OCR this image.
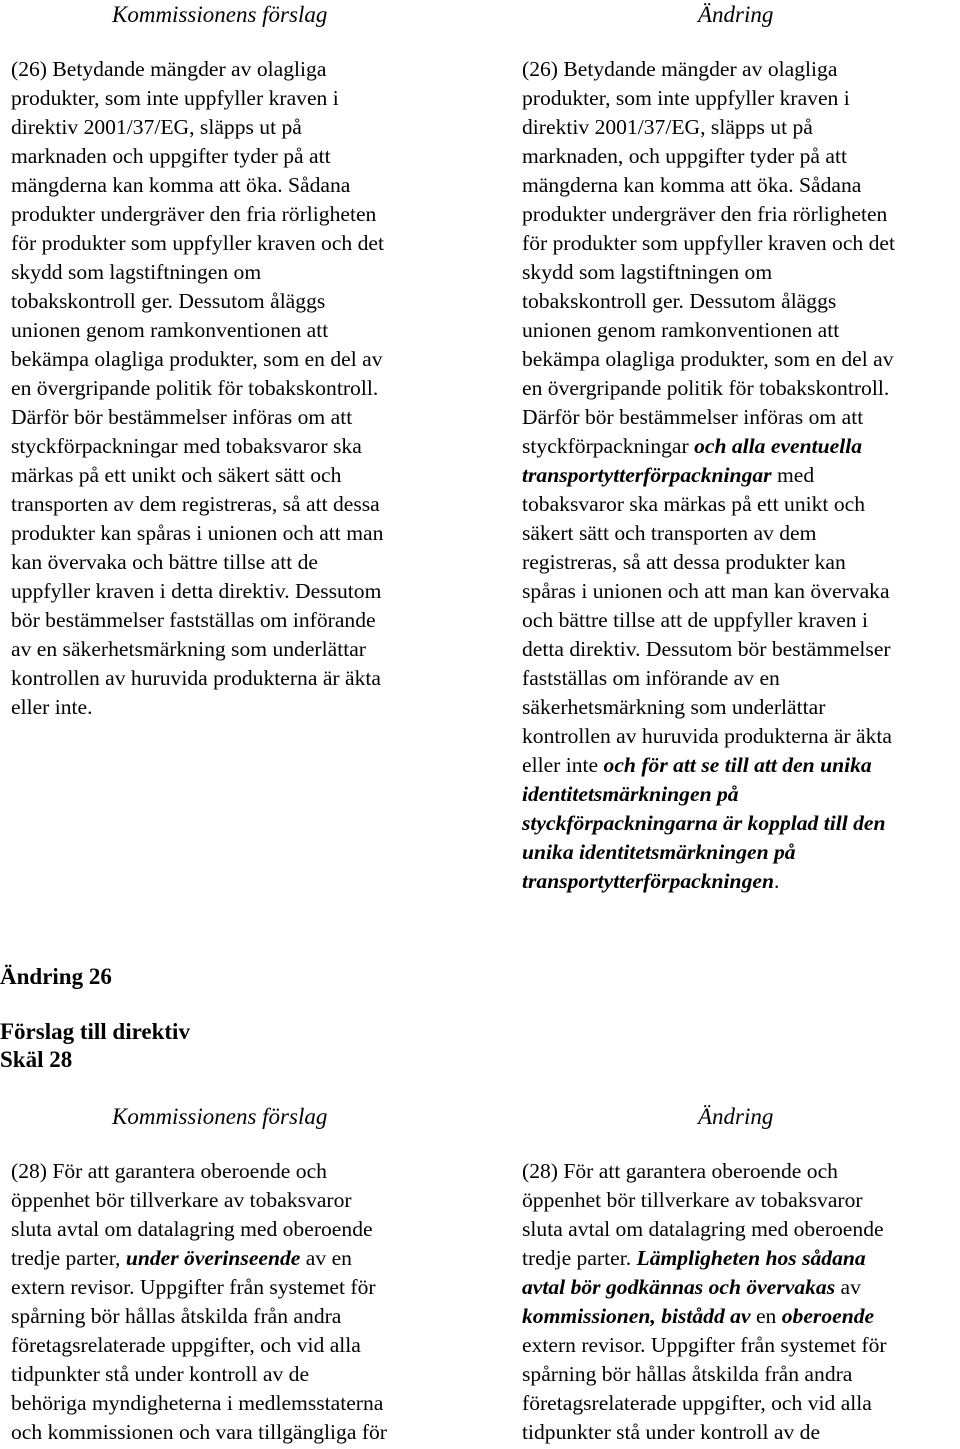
Kommissionens förslag	Ändring
(26) Betydande mängder av olagliga
produkter, som inte uppfyller kraven i
direktiv 2001/37/EG, släpps ut på
marknaden och uppgifter tyder på att
mängderna kan komma att öka. Sådana
produkter undergräver den fria rörligheten
för produkter som uppfyller kraven och det
skydd som lagstiftningen om
tobakskontroll ger. Dessutom åläggs
unionen genom ramkonventionen att
bekämpa olagliga produkter, som en del av
en övergripande politik för tobakskontroll.
Därför bör bestämmelser införas om att
styckförpackningar med tobaksvaror ska
märkas på ett unikt och säkert sätt och
transporten av dem registreras, så att dessa
produkter kan spåras i unionen och att man
kan övervaka och bättre tillse att de
uppfyller kraven i detta direktiv. Dessutom
bör bestämmelser fastställas om införande
av en säkerhetsmärkning som underlättar
kontrollen av huruvida produkterna är äkta
eller inte.
(26) Betydande mängder av olagliga
produkter, som inte uppfyller kraven i
direktiv 2001/37/EG, släpps ut på
marknaden, och uppgifter tyder på att
mängderna kan komma att öka. Sådana
produkter undergräver den fria rörligheten
för produkter som uppfyller kraven och det
skydd som lagstiftningen om
tobakskontroll ger. Dessutom åläggs
unionen genom ramkonventionen att
bekämpa olagliga produkter, som en del av
en övergripande politik för tobakskontroll.
Därför bör bestämmelser införas om att
styckförpackningar och alla eventuella
transportytterförpackningar med
tobaksvaror ska märkas på ett unikt och
säkert sätt och transporten av dem
registreras, så att dessa produkter kan
spåras i unionen och att man kan övervaka
och bättre tillse att de uppfyller kraven i
detta direktiv. Dessutom bör bestämmelser
fastställas om införande av en
säkerhetsmärkning som underlättar
kontrollen av huruvida produkterna är äkta
eller inte och för att se till att den unika
identitetsmärkningen på
styckförpackningarna är kopplad till den
unika identitetsmärkningen på
transportytterförpackningen.
Ändring 26
Förslag till direktiv
Skäl 28
Kommissionens förslag	Ändring
(28) För att garantera oberoende och
öppenhet bör tillverkare av tobaksvaror
sluta avtal om datalagring med oberoende
tredje parter, under överinseende av en
extern revisor. Uppgifter från systemet för
spårning bör hållas åtskilda från andra
företagsrelaterade uppgifter, och vid alla
tidpunkter stå under kontroll av de
behöriga myndigheterna i medlemsstaterna
och kommissionen och vara tillgängliga för
(28) För att garantera oberoende och
öppenhet bör tillverkare av tobaksvaror
sluta avtal om datalagring med oberoende
tredje parter. Lämpligheten hos sådana
avtal bör godkännas och övervakas av
kommissionen, bistådd av en oberoende
extern revisor. Uppgifter från systemet för
spårning bör hållas åtskilda från andra
företagsrelaterade uppgifter, och vid alla
tidpunkter stå under kontroll av de
